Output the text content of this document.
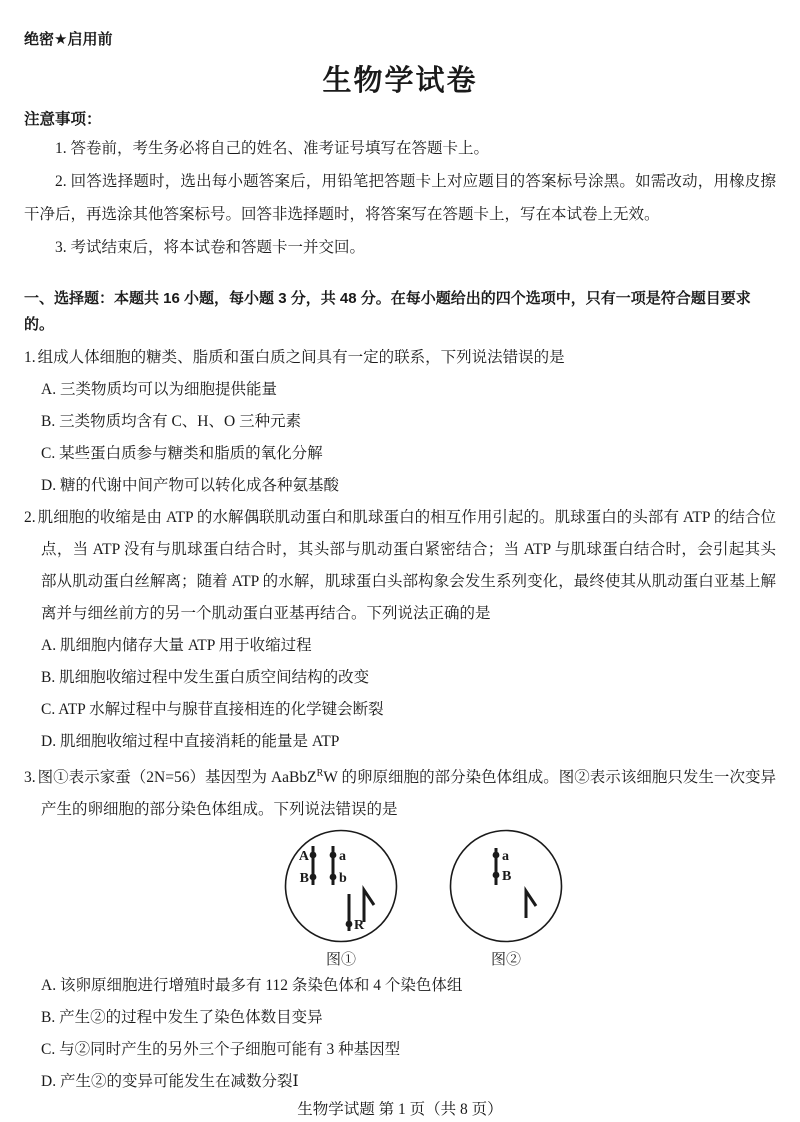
绝密★启用前
生物学试卷
注意事项：

1. 答卷前，考生务必将自己的姓名、准考证号填写在答题卡上。

2. 回答选择题时，选出每小题答案后，用铅笔把答题卡上对应题目的答案标号涂黑。如需改动，用橡皮擦干净后，再选涂其他答案标号。回答非选择题时，将答案写在答题卡上，写在本试卷上无效。

3. 考试结束后，将本试卷和答题卡一并交回。

一、选择题：本题共 16 小题，每小题 3 分，共 48 分。在每小题给出的四个选项中，只有一项是符合题目要求的。

1. 组成人体细胞的糖类、脂质和蛋白质之间具有一定的联系，下列说法错误的是

A. 三类物质均可以为细胞提供能量

B. 三类物质均含有 C、H、O 三种元素

C. 某些蛋白质参与糖类和脂质的氧化分解

D. 糖的代谢中间产物可以转化成各种氨基酸

2. 肌细胞的收缩是由 ATP 的水解偶联肌动蛋白和肌球蛋白的相互作用引起的。肌球蛋白的头部有 ATP 的结合位点，当 ATP 没有与肌球蛋白结合时，其头部与肌动蛋白紧密结合；当 ATP 与肌球蛋白结合时，会引起其头部从肌动蛋白丝解离；随着 ATP 的水解，肌球蛋白头部构象会发生系列变化，最终使其从肌动蛋白亚基上解离并与细丝前方的另一个肌动蛋白亚基再结合。下列说法正确的是

A. 肌细胞内储存大量 ATP 用于收缩过程

B. 肌细胞收缩过程中发生蛋白质空间结构的改变

C. ATP 水解过程中与腺苷直接相连的化学键会断裂

D. 肌细胞收缩过程中直接消耗的能量是 ATP

3. 图①表示家蚕（2N=56）基因型为 AaBbZ$^R$W 的卵原细胞的部分染色体组成。图②表示该细胞只发生一次变异产生的卵细胞的部分染色体组成。下列说法错误的是

A
B
a
b
R
图①
a
B
图②

A. 该卵原细胞进行增殖时最多有 112 条染色体和 4 个染色体组

B. 产生②的过程中发生了染色体数目变异

C. 与②同时产生的另外三个子细胞可能有 3 种基因型

D. 产生②的变异可能发生在减数分裂Ⅰ

生物学试题 第 1 页（共 8 页）
